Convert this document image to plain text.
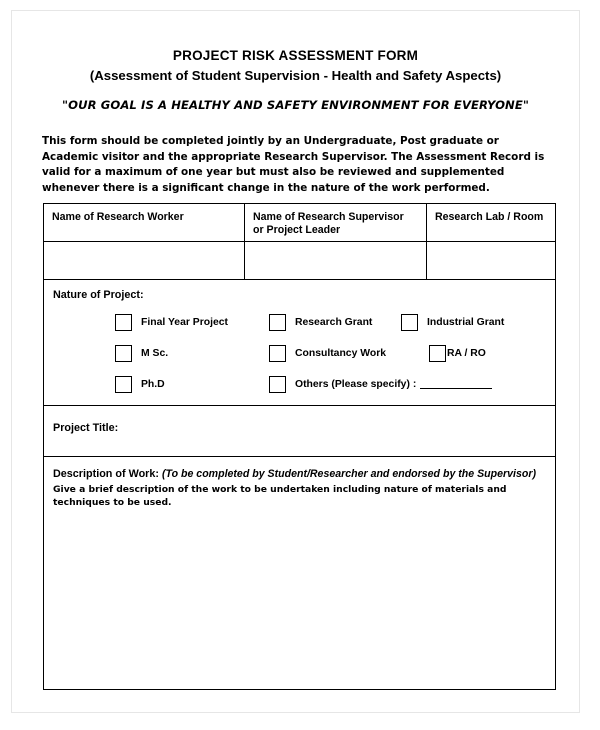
PROJECT RISK ASSESSMENT FORM
(Assessment of Student Supervision - Health and Safety Aspects)
"OUR GOAL IS A HEALTHY AND SAFETY ENVIRONMENT FOR EVERYONE"
This form should be completed jointly by an Undergraduate, Post graduate or Academic visitor and the appropriate Research Supervisor. The Assessment Record is valid for a maximum of one year but must also be reviewed and supplemented whenever there is a significant change in the nature of the work performed.
Name of Research Worker	Name of Research Supervisor
or Project Leader
Research Lab / Room
Nature of Project:
Final Year Project
M Sc.
Ph.D
Research Grant
Consultancy Work
Others (Please specify) :
Industrial Grant
RA / RO
Project Title:
Description of Work: (To be completed by Student/Researcher and endorsed by the Supervisor)
Give a brief description of the work to be undertaken including nature of materials and techniques to be used.
